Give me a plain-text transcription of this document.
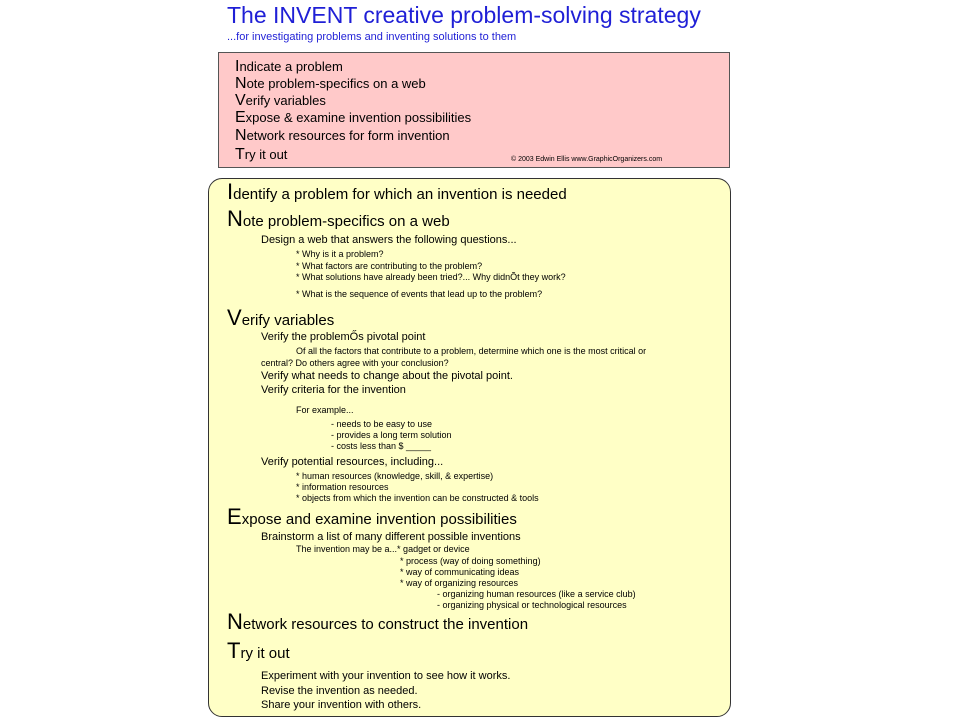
The INVENT creative problem-solving strategy
...for investigating problems and inventing solutions to them
Indicate a problem
Note problem-specifics on a web
Verify variables
Expose & examine invention possibilities
Network resources for form invention
Try it out	© 2003 Edwin Ellis www.GraphicOrganizers.com
Identify a problem for which an invention is needed
Note problem-specifics on a web
Design a web that answers the following questions...
* Why is it a problem?
* What factors are contributing to the problem?
* What solutions have already been tried?... Why didnÕt they work?
* What is the sequence of events that lead up to the problem?
Verify variables
Verify the problemŐs pivotal point
Of all the factors that contribute to a problem, determine which one is the most critical or
central? Do others agree with your conclusion?
Verify what needs to change about the pivotal point.
Verify criteria for the invention
For example...
- needs to be easy to use
- provides a long term solution
- costs less than $ _____
Verify potential resources, including...
* human resources (knowledge, skill, & expertise)
* information resources
* objects from which the invention can be constructed & tools
Expose and examine invention possibilities
Brainstorm a list of many different possible inventions
The invention may be a...* gadget or device
* process (way of doing something)
* way of communicating ideas
* way of organizing resources
- organizing human resources (like a service club)
- organizing physical or technological resources
Network resources to construct the invention
Try it out
Experiment with your invention to see how it works.
Revise the invention as needed.
Share your invention with others.
